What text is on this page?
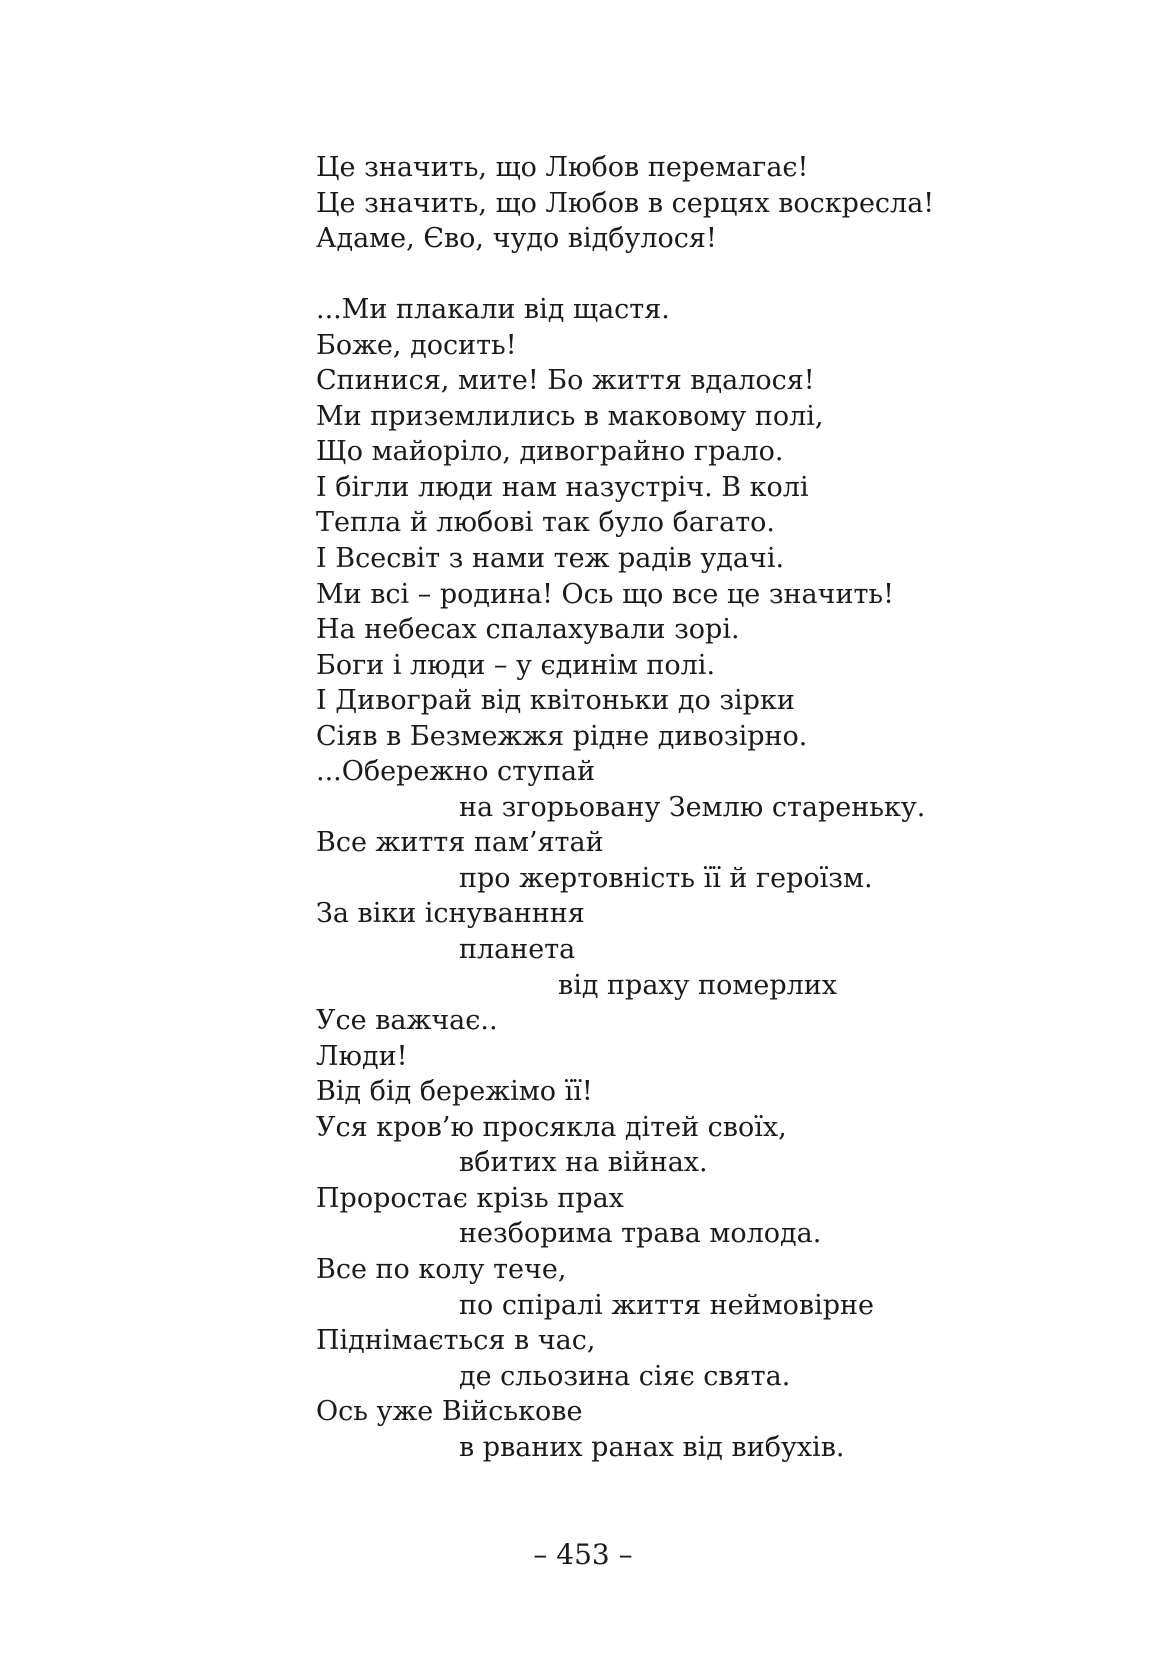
Це значить, що Любов перемагає!
Це значить, що Любов в серцях воскресла!
Адаме, Єво, чудо відбулося!
...Ми плакали від щастя.
Боже, досить!
Спинися, мите! Бо життя вдалося!
Ми приземлились в маковому полі,
Що майоріло, дивограйно грало.
І бігли люди нам назустріч. В колі
Тепла й любові так було багато.
І Всесвіт з нами теж радів удачі.
Ми всі – родина! Ось що все це значить!
На небесах спалахували зорі.
Боги і люди – у єдинім полі.
І Дивограй від квітоньки до зірки
Сіяв в Безмежжя рідне дивозірно.
...Обережно ступай
на згорьовану Землю стареньку.
Все життя пам’ятай
про жертовність її й героїзм.
За віки існуванння
планета
від праху померлих
Усе важчає..
Люди!
Від бід бережімо її!
Уся кров’ю просякла дітей своїх,
вбитих на війнах.
Проростає крізь прах
незборима трава молода.
Все по колу тече,
по спіралі життя неймовірне
Піднімається в час,
де сльозина сіяє свята.
Ось уже Військове
в рваних ранах від вибухів.
– 453 –
